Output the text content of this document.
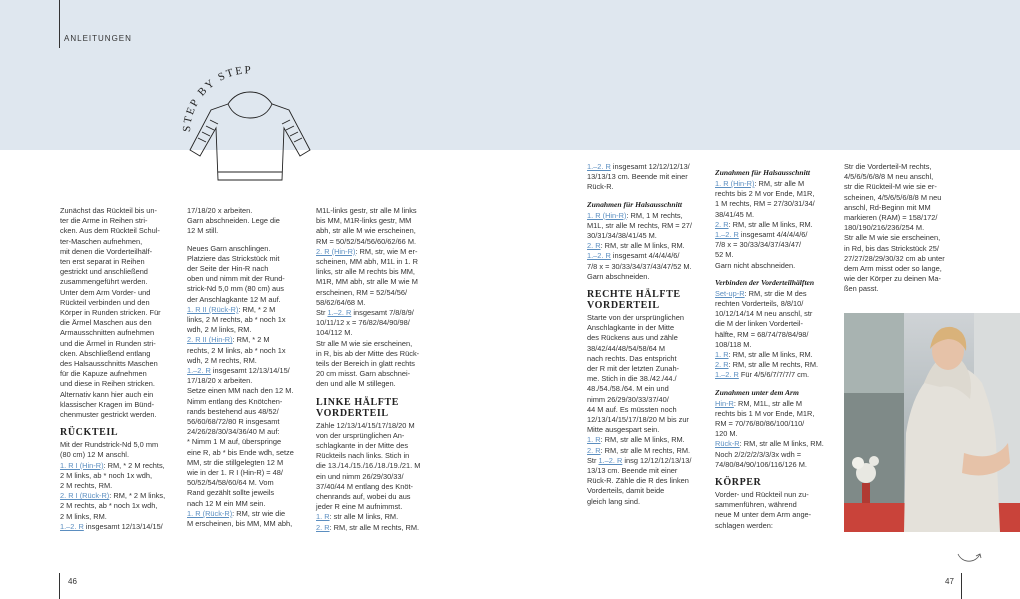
ANLEITUNGEN
STEP BY STEP

Zunächst das Rückteil bis un-
ter die Arme in Reihen stri-
cken. Aus dem Rückteil Schul-
ter-Maschen aufnehmen,
mit denen die Vorderteilhälf-
ten erst separat in Reihen
gestrickt und anschließend
zusammengeführt werden.
Unter dem Arm Vorder- und
Rückteil verbinden und den
Körper in Runden stricken. Für
die Ärmel Maschen aus den
Armausschnitten aufnehmen
und die Ärmel in Runden stri-
cken. Abschließend entlang
des Halsausschnitts Maschen
für die Kapuze aufnehmen
und diese in Reihen stricken.
Alternativ kann hier auch ein
klassischer Kragen im Bünd-
chenmuster gestrickt werden.

RÜCKTEIL

Mit der Rundstrick-Nd 5,0 mm
(80 cm) 12 M anschl.
1. R I (Hin-R): RM, * 2 M rechts,
2 M links, ab * noch 1x wdh,
2 M rechts, RM.
2. R I (Rück-R): RM, * 2 M links,
2 M rechts, ab * noch 1x wdh,
2 M links, RM.
1.–2. R insgesamt 12/13/14/15/

17/18/20 x arbeiten.
Garn abschneiden. Lege die
12 M still.

Neues Garn anschlingen.
Platziere das Strickstück mit
der Seite der Hin-R nach
oben und nimm mit der Rund-
strick-Nd 5,0 mm (80 cm) aus
der Anschlagkante 12 M auf.
1. R II (Rück-R): RM, * 2 M
links, 2 M rechts, ab * noch 1x
wdh, 2 M links, RM.
2. R II (Hin-R): RM, * 2 M
rechts, 2 M links, ab * noch 1x
wdh, 2 M rechts, RM.
1.–2. R insgesamt 12/13/14/15/
17/18/20 x arbeiten.
Setze einen MM nach den 12 M.
Nimm entlang des Knötchen-
rands bestehend aus 48/52/
56/60/68/72/80 R insgesamt
24/26/28/30/34/36/40 M auf:
* Nimm 1 M auf, überspringe
eine R, ab * bis Ende wdh, setze
MM, str die stillgelegten 12 M
wie in der 1. R I (Hin-R) = 48/
50/52/54/58/60/64 M. Vom
Rand gezählt sollte jeweils
nach 12 M ein MM sein.
1. R (Rück-R): RM, str wie die
M erscheinen, bis MM, MM abh,

M1L-links gestr, str alle M links
bis MM, M1R-links gestr, MM
abh, str alle M wie erscheinen,
RM = 50/52/54/56/60/62/66 M.
2. R (Hin-R): RM, str, wie M er-
scheinen, MM abh, M1L in 1. R
links, str alle M rechts bis MM,
M1R, MM abh, str alle M wie M
erscheinen, RM = 52/54/56/
58/62/64/68 M.
Str 1.–2. R insgesamt 7/8/8/9/
10/11/12 x = 76/82/84/90/98/
104/112 M.
Str alle M wie sie erscheinen,
in R, bis ab der Mitte des Rück-
teils der Bereich in glatt rechts
20 cm misst. Garn abschnei-
den und alle M stillegen.

LINKE HÄLFTE VORDERTEIL

Zähle 12/13/14/15/17/18/20 M
von der ursprünglichen An-
schlagkante in der Mitte des
Rückteils nach links. Stich in
die 13./14./15./16./18./19./21. M
ein und nimm 26/29/30/33/
37/40/44 M entlang des Knöt-
chenrands auf, wobei du aus
jeder R eine M aufnimmst.
1. R: str alle M links, RM.
2. R: RM, str alle M rechts, RM.

1.–2. R insgesamt 12/12/12/13/
13/13/13 cm. Beende mit einer
Rück-R.

Zunahmen für Halsausschnitt

1. R (Hin-R): RM, 1 M rechts,
M1L, str alle M rechts, RM = 27/
30/31/34/38/41/45 M.
2. R: RM, str alle M links, RM.
1.–2. R insgesamt 4/4/4/4/6/
7/8 x = 30/33/34/37/43/47/52 M.
Garn abschneiden.

RECHTE HÄLFTE VORDERTEIL

Starte von der ursprünglichen
Anschlagkante in der Mitte
des Rückens aus und zähle
38/42/44/48/54/58/64 M
nach rechts. Das entspricht
der R mit der letzten Zunah-
me. Stich in die 38./42./44./
48./54./58./64. M ein und
nimm 26/29/30/33/37/40/
44 M auf. Es müssten noch
12/13/14/15/17/18/20 M bis zur
Mitte ausgespart sein.
1. R: RM, str alle M links, RM.
2. R: RM, str alle M rechts, RM.
Str 1.–2. R insg 12/12/12/13/13/
13/13 cm. Beende mit einer
Rück-R. Zähle die R des linken
Vorderteils, damit beide
gleich lang sind.

Zunahmen für Halsausschnitt

1. R (Hin-R): RM, str alle M
rechts bis 2 M vor Ende, M1R,
1 M rechts, RM = 27/30/31/34/
38/41/45 M.
2. R: RM, str alle M links, RM.
1.–2. R insgesamt 4/4/4/4/6/
7/8 x = 30/33/34/37/43/47/
52 M.
Garn nicht abschneiden.

Verbinden der Vorderteilhälften

Set-up-R: RM, str die M des
rechten Vorderteils, 8/8/10/
10/12/14/14 M neu anschl, str
die M der linken Vorderteil-
hälfte, RM = 68/74/78/84/98/
108/118 M.
1. R: RM, str alle M links, RM.
2. R: RM, str alle M rechts, RM.
1.–2. R Für 4/5/6/7/7/7/7 cm.

Zunahmen unter dem Arm

Hin-R: RM, M1L, str alle M
rechts bis 1 M vor Ende, M1R,
RM = 70/76/80/86/100/110/
120 M.
Rück-R: RM, str alle M links, RM.
Noch 2/2/2/2/3/3/3x wdh =
74/80/84/90/106/116/126 M.

KÖRPER

Vorder- und Rückteil nun zu-
sammenführen, während
neue M unter dem Arm ange-
schlagen werden:

Str die Vorderteil-M rechts,
4/5/6/5/6/8/8 M neu anschl,
str die Rückteil-M wie sie er-
scheinen, 4/5/6/5/6/8/8 M neu
anschl, Rd-Beginn mit MM
markieren (RAM) = 158/172/
180/190/216/236/254 M.
Str alle M wie sie erscheinen,
in Rd, bis das Strickstück 25/
27/27/28/29/30/32 cm ab unter
dem Arm misst oder so lange,
wie der Körper zu deinen Ma-
ßen passt.

46	47
